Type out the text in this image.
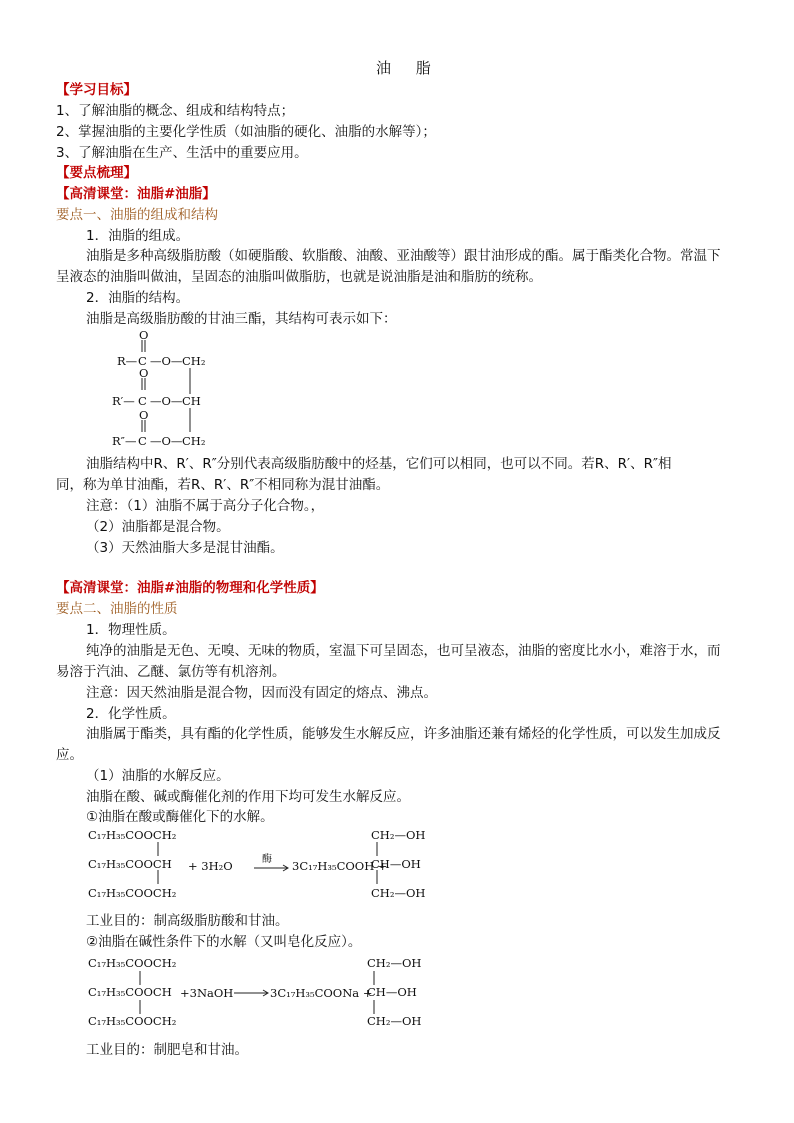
油 脂
【学习目标】
1、了解油脂的概念、组成和结构特点；
2、掌握油脂的主要化学性质（如油脂的硬化、油脂的水解等）；
3、了解油脂在生产、生活中的重要应用。
【要点梳理】
【高清课堂：油脂#油脂】
要点一、油脂的组成和结构
1．油脂的组成。
油脂是多种高级脂肪酸（如硬脂酸、软脂酸、油酸、亚油酸等）跟甘油形成的酯。属于酯类化合物。常温下
呈液态的油脂叫做油，呈固态的油脂叫做脂肪，也就是说油脂是油和脂肪的统称。
2．油脂的结构。
油脂是高级脂肪酸的甘油三酯，其结构可表示如下：
O
R— C —O— CH₂
O
R′— C —O— CH
O
R″— C —O— CH₂
油脂结构中R、R′、R″分别代表高级脂肪酸中的烃基，它们可以相同，也可以不同。若R、R′、R″相
同，称为单甘油酯，若R、R′、R″不相同称为混甘油酯。
注意：（1）油脂不属于高分子化合物。，
（2）油脂都是混合物。
（3）天然油脂大多是混甘油酯。
【高清课堂：油脂#油脂的物理和化学性质】
要点二、油脂的性质
1．物理性质。
纯净的油脂是无色、无嗅、无味的物质，室温下可呈固态，也可呈液态，油脂的密度比水小，难溶于水，而
易溶于汽油、乙醚、氯仿等有机溶剂。
注意：因天然油脂是混合物，因而没有固定的熔点、沸点。
2．化学性质。
油脂属于酯类，具有酯的化学性质，能够发生水解反应，许多油脂还兼有烯烃的化学性质，可以发生加成反
应。
（1）油脂的水解反应。
油脂在酸、碱或酶催化剂的作用下均可发生水解反应。
①油脂在酸或酶催化下的水解。
C₁₇H₃₅COOCH₂
C₁₇H₃₅COOCH
C₁₇H₃₅COOCH₂
+ 3H₂O	酶 3C₁₇H₃₅COOH +
CH₂—OH
CH—OH
CH₂—OH
工业目的：制高级脂肪酸和甘油。
②油脂在碱性条件下的水解（又叫皂化反应）。
C₁₇H₃₅COOCH₂
C₁₇H₃₅COOCH
C₁₇H₃₅COOCH₂
+3NaOH	3C₁₇H₃₅COONa +
CH₂—OH
CH—OH
CH₂—OH
工业目的：制肥皂和甘油。
